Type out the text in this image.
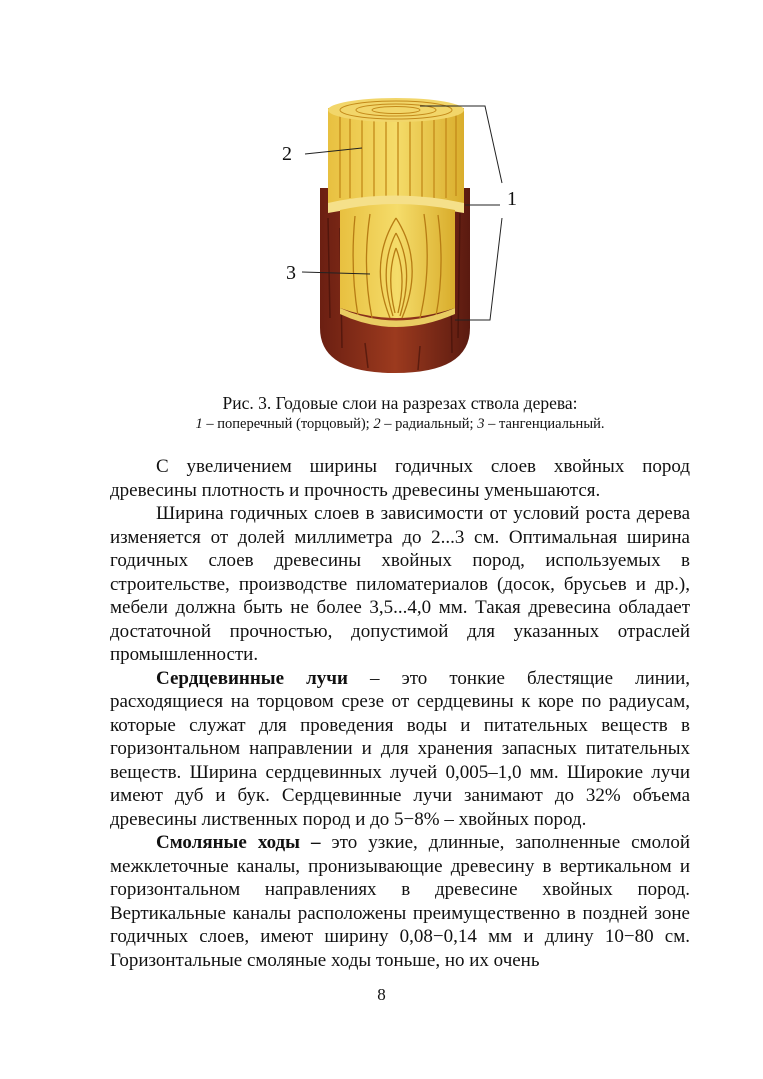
2
3
1
Рис. 3. Годовые слои на разрезах ствола дерева:
1 – поперечный (торцовый); 2 – радиальный; 3 – тангенциальный.

С увеличением ширины годичных слоев хвойных пород древесины плотность и прочность древесины уменьшаются.

Ширина годичных слоев в зависимости от условий роста дерева изменяется от долей миллиметра до 2...3 см. Оптимальная ширина годичных слоев древесины хвойных пород, используемых в строительстве, производстве пиломатериалов (досок, брусьев и др.), мебели должна быть не более 3,5...4,0 мм. Такая древесина обладает достаточной прочностью, допустимой для указанных отраслей промышленности.

Сердцевинные лучи – это тонкие блестящие линии, расходящиеся на торцовом срезе от сердцевины к коре по радиусам, которые служат для проведения воды и питательных веществ в горизонтальном направлении и для хранения запасных питательных веществ. Ширина сердцевинных лучей 0,005–1,0 мм. Широкие лучи имеют дуб и бук. Сердцевинные лучи занимают до 32% объема древесины лиственных пород и до 5−8% – хвойных пород.

Смоляные ходы – это узкие, длинные, заполненные смолой межклеточные каналы, пронизывающие древесину в вертикальном и горизонтальном направлениях в древесине хвойных пород. Вертикальные каналы расположены преимущественно в поздней зоне годичных слоев, имеют ширину 0,08−0,14 мм и длину 10−80 см. Горизонтальные смоляные ходы тоньше, но их очень

8
